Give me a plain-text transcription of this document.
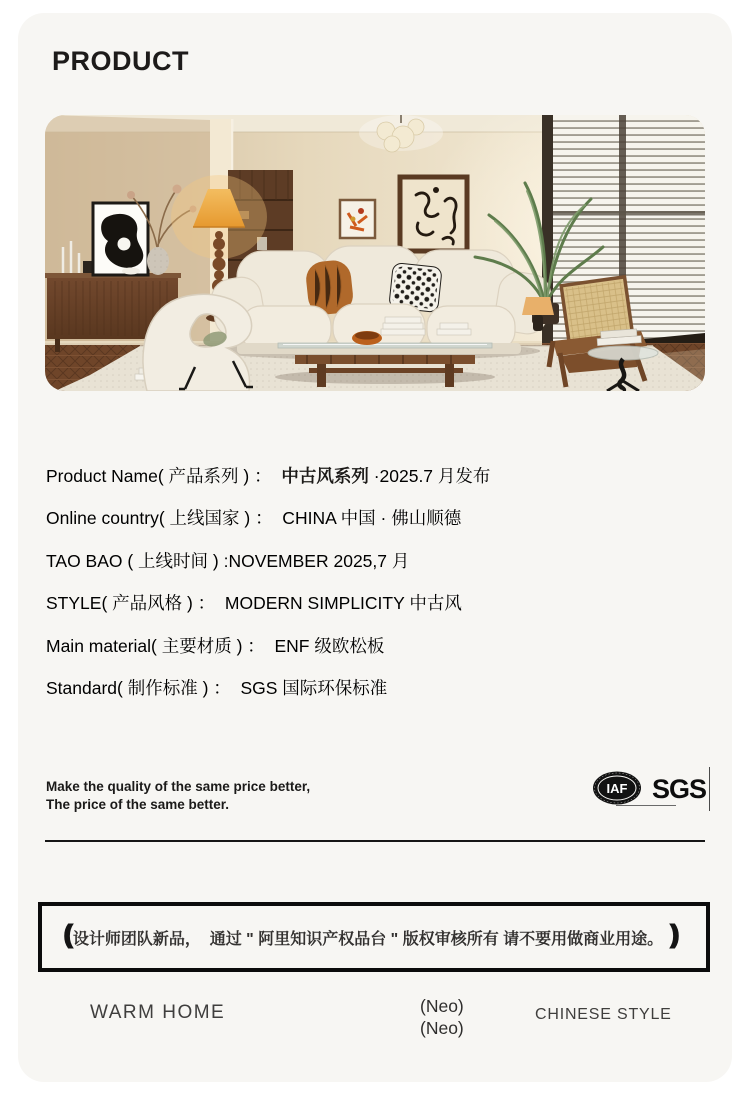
PRODUCT
Product Name( 产品系列 ) ：  中古风系列 ·2025.7 月发布
Online country( 上线国家 ) ：  CHINA 中国 · 佛山顺德
TAO BAO ( 上线时间 ) :NOVEMBER 2025,7 月
STYLE( 产品风格 ) ：  MODERN SIMPLICITY 中古风
Main material( 主要材质 ) ：  ENF 级欧松板
Standard( 制作标准 ) ：  SGS 国际环保标准
Make the quality of the same price better,
The price of the same better.
IAF SGS
(( 设计师团队新品，  通过 " 阿里知识产权品台 " 版权审核所有 请不要用做商业用途。 ))
WARM HOME	(Neo)
(Neo)
CHINESE STYLE
